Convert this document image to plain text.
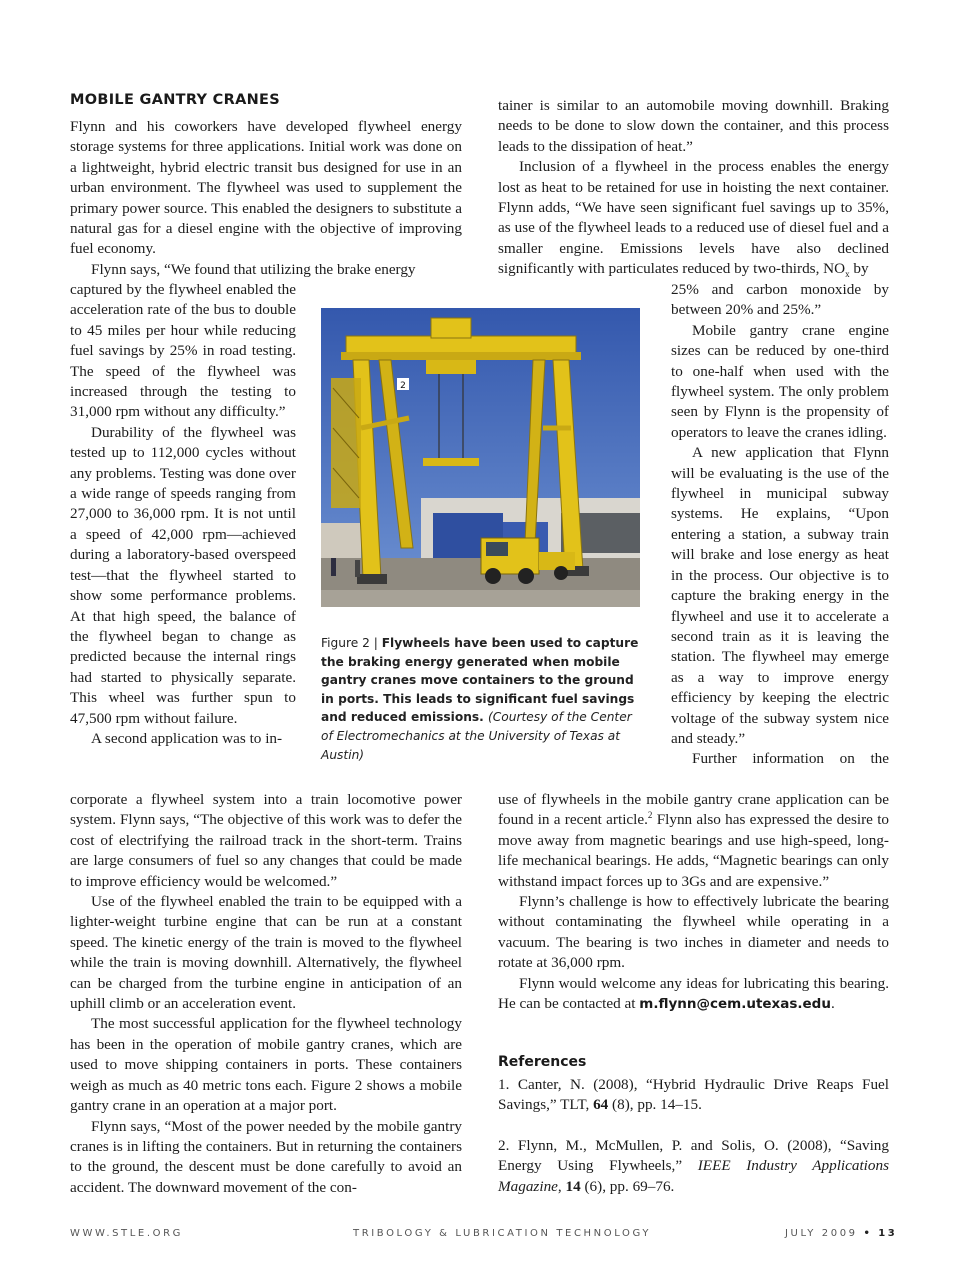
MOBILE GANTRY CRANES

Flynn and his coworkers have developed flywheel energy storage systems for three applications. Initial work was done on a lightweight, hybrid electric transit bus designed for use in an urban environment. The flywheel was used to supplement the primary power source. This enabled the designers to substitute a natural gas for a diesel engine with the objective of improving fuel economy.

Flynn says, “We found that utilizing the brake energy

captured by the flywheel enabled the acceleration rate of the bus to double to 45 miles per hour while reducing fuel savings by 25% in road testing. The speed of the flywheel was increased through the testing to 31,000 rpm without any difficulty.”

Durability of the flywheel was tested up to 112,000 cycles without any problems. Testing was done over a wide range of speeds ranging from 27,000 to 36,000 rpm. It is not until a speed of 42,000 rpm—achieved during a laboratory-based overspeed test—that the flywheel started to show some performance problems. At that high speed, the balance of the flywheel began to change as predicted because the internal rings had started to physically separate. This wheel was further spun to 47,500 rpm without failure.

A second application was to in-

corporate a flywheel system into a train locomotive power system. Flynn says, “The objective of this work was to defer the cost of electrifying the railroad track in the short-term. Trains are large consumers of fuel so any changes that could be made to improve efficiency would be welcomed.”

Use of the flywheel enabled the train to be equipped with a lighter-weight turbine engine that can be run at a constant speed. The kinetic energy of the train is moved to the flywheel while the train is moving downhill. Alternatively, the flywheel can be charged from the turbine engine in anticipation of an uphill climb or an acceleration event.

The most successful application for the flywheel technology has been in the operation of mobile gantry cranes, which are used to move shipping containers in ports. These containers weigh as much as 40 metric tons each. Figure 2 shows a mobile gantry crane in an operation at a major port.

Flynn says, “Most of the power needed by the mobile gantry cranes is in lifting the containers. But in returning the containers to the ground, the descent must be done carefully to avoid an accident. The downward movement of the con-

tainer is similar to an automobile moving downhill. Braking needs to be done to slow down the container, and this process leads to the dissipation of heat.”

Inclusion of a flywheel in the process enables the energy lost as heat to be retained for use in hoisting the next container. Flynn adds, “We have seen significant fuel savings up to 35%, as use of the flywheel leads to a reduced use of diesel fuel and a smaller engine. Emissions levels have also declined significantly with particulates reduced by two-thirds, $NO_x$ by

25% and carbon monoxide by between 20% and 25%.”

Mobile gantry crane engine sizes can be reduced by one-third to one-half when used with the flywheel system. The only problem seen by Flynn is the propensity of operators to leave the cranes idling.

A new application that Flynn will be evaluating is the use of the flywheel in municipal subway systems. He explains, “Upon entering a station, a subway train will brake and lose energy as heat in the process. Our objective is to capture the braking energy in the flywheel and use it to accelerate a second train as it is leaving the station. The flywheel may emerge as a way to improve energy efficiency by keeping the electric voltage of the subway system nice and steady.”

Further information on the

use of flywheels in the mobile gantry crane application can be found in a recent article.$^2$ Flynn also has expressed the desire to move away from magnetic bearings and use high-speed, long-life mechanical bearings. He adds, “Magnetic bearings can only withstand impact forces up to 3Gs and are expensive.”

Flynn’s challenge is how to effectively lubricate the bearing without contaminating the flywheel while operating in a vacuum. The bearing is two inches in diameter and needs to rotate at 36,000 rpm.

Flynn would welcome any ideas for lubricating this bearing. He can be contacted at m.flynn@cem.utexas.edu.

References

1. Canter, N. (2008), “Hybrid Hydraulic Drive Reaps Fuel Savings,” TLT, 64 (8), pp. 14–15.

2. Flynn, M., McMullen, P. and Solis, O. (2008), “Saving Energy Using Flywheels,” IEEE Industry Applications Magazine, 14 (6), pp. 69–76.

2
Figure 2 | Flywheels have been used to capture the braking energy generated when mobile gantry cranes move containers to the ground in ports. This leads to significant fuel savings and reduced emissions. (Courtesy of the Center of Electromechanics at the University of Texas at Austin)
WWW.STLE.ORG	TRIBOLOGY & LUBRICATION TECHNOLOGY	JULY 2009 • 13
